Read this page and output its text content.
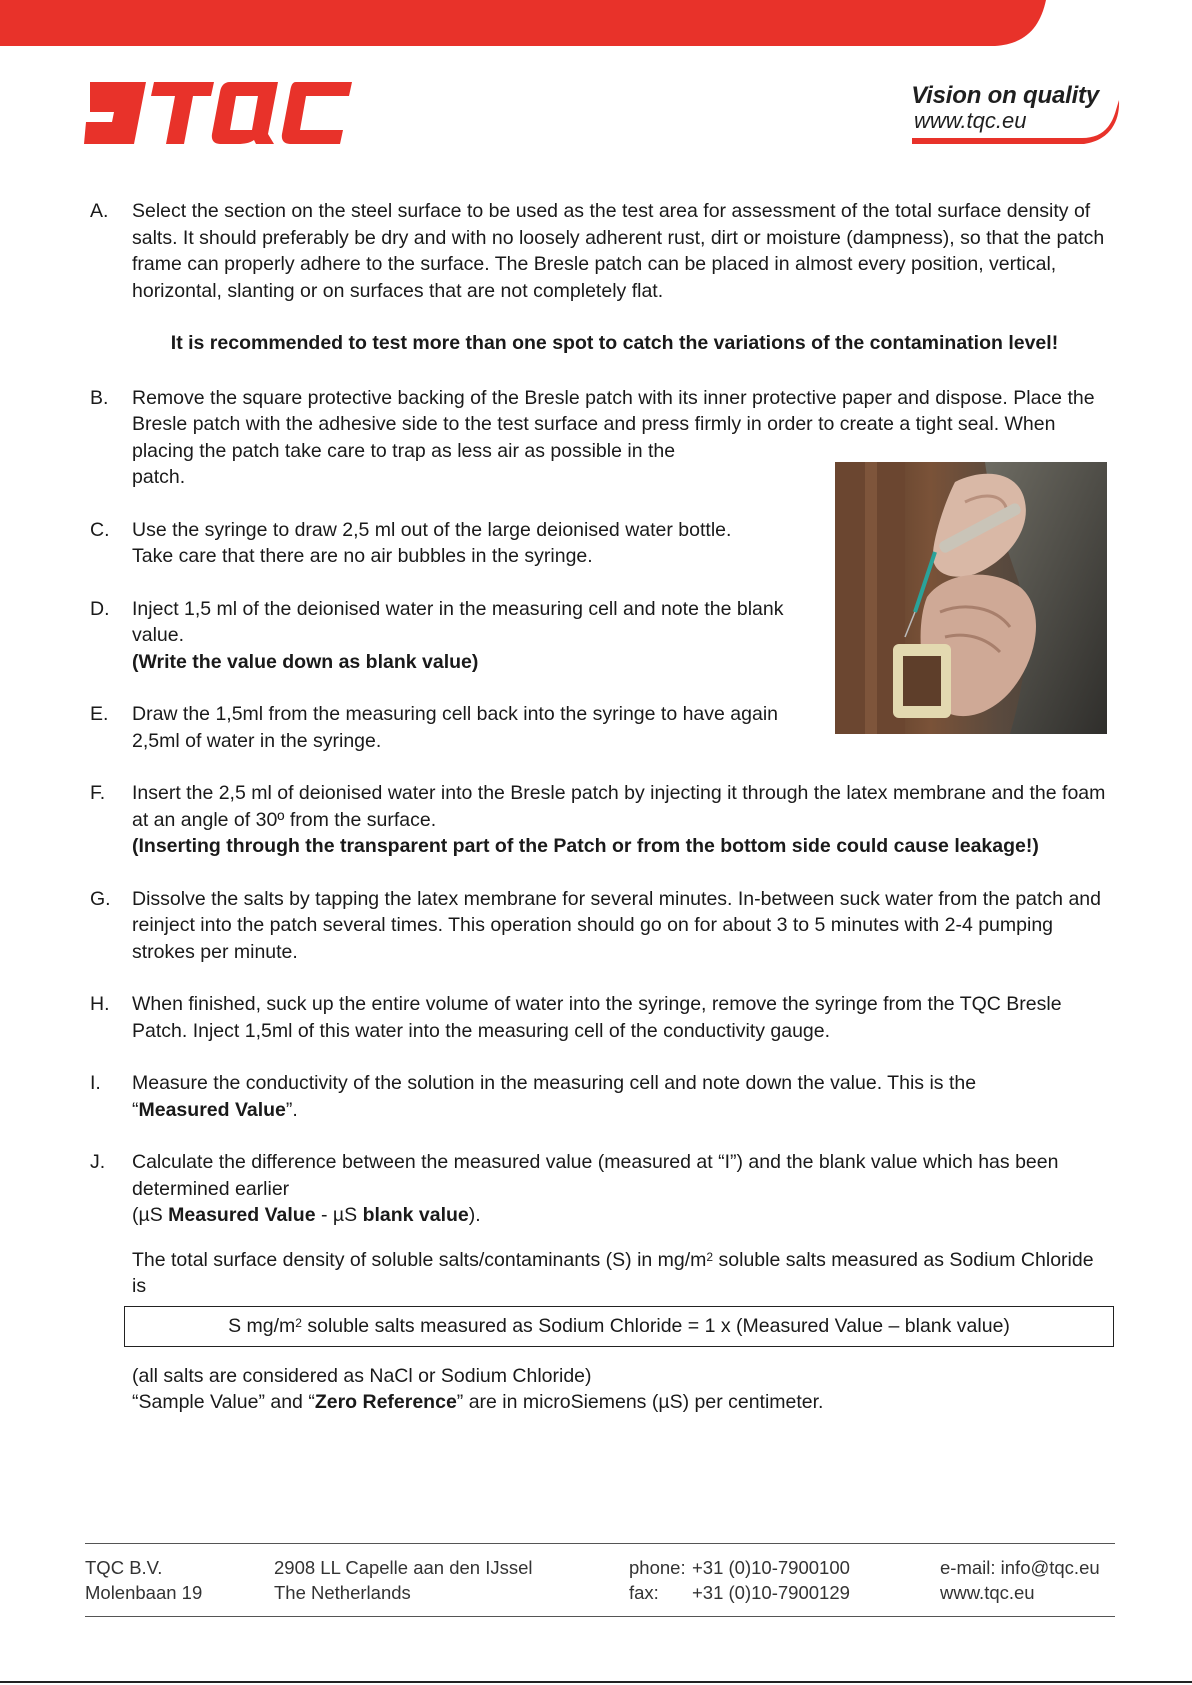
Vision on quality
www.tqc.eu
A. Select the section on the steel surface to be used as the test area for assessment of the total surface density of salts. It should preferably be dry and with no loosely adherent rust, dirt or moisture (dampness), so that the patch frame can properly adhere to the surface. The Bresle patch can be placed in almost every position, vertical, horizontal, slanting or on surfaces that are not completely flat.

It is recommended to test more than one spot to catch the variations of the contamination level!
B. Remove the square protective backing of the Bresle patch with its inner protective paper and dispose. Place the Bresle patch with the adhesive side to the test surface and press firmly in order to create a tight seal. When placing the patch take care to trap as less air as possible in the

patch.

C. Use the syringe to draw 2,5 ml out of the large deionised water bottle.

Take care that there are no air bubbles in the syringe.

D. Inject 1,5 ml of the deionised water in the measuring cell and note the blank value.

(Write the value down as blank value)

E. Draw the 1,5ml from the measuring cell back into the syringe to have again 2,5ml of water in the syringe.

F. Insert the 2,5 ml of deionised water into the Bresle patch by injecting it through the latex membrane and the foam at an angle of 30º from the surface.

(Inserting through the transparent part of the Patch or from the bottom side could cause leakage!)

G. Dissolve the salts by tapping the latex membrane for several minutes. In-between suck water from the patch and reinject into the patch several times. This operation should go on for about 3 to 5 minutes with 2-4 pumping strokes per minute.

H. When finished, suck up the entire volume of water into the syringe, remove the syringe from the TQC Bresle Patch. Inject 1,5ml of this water into the measuring cell of the conductivity gauge.

I. Measure the conductivity of the solution in the measuring cell and note down the value. This is the

“Measured Value”.

J. Calculate the difference between the measured value (measured at “I”) and the blank value which has been determined earlier

(µS Measured Value - µS blank value).

The total surface density of soluble salts/contaminants (S) in $mg/m^2$ soluble salts measured as Sodium Chloride is

S $mg/m^2$ soluble salts measured as Sodium Chloride = 1 x (Measured Value – blank value)

(all salts are considered as NaCl or Sodium Chloride)

“Sample Value” and “Zero Reference” are in microSiemens (µS) per centimeter.

TQC B.V.
Molenbaan 19
2908 LL Capelle aan den IJssel
The Netherlands
phone: +31 (0)10-7900100
fax: +31 (0)10-7900129
e-mail: info@tqc.eu
www.tqc.eu
